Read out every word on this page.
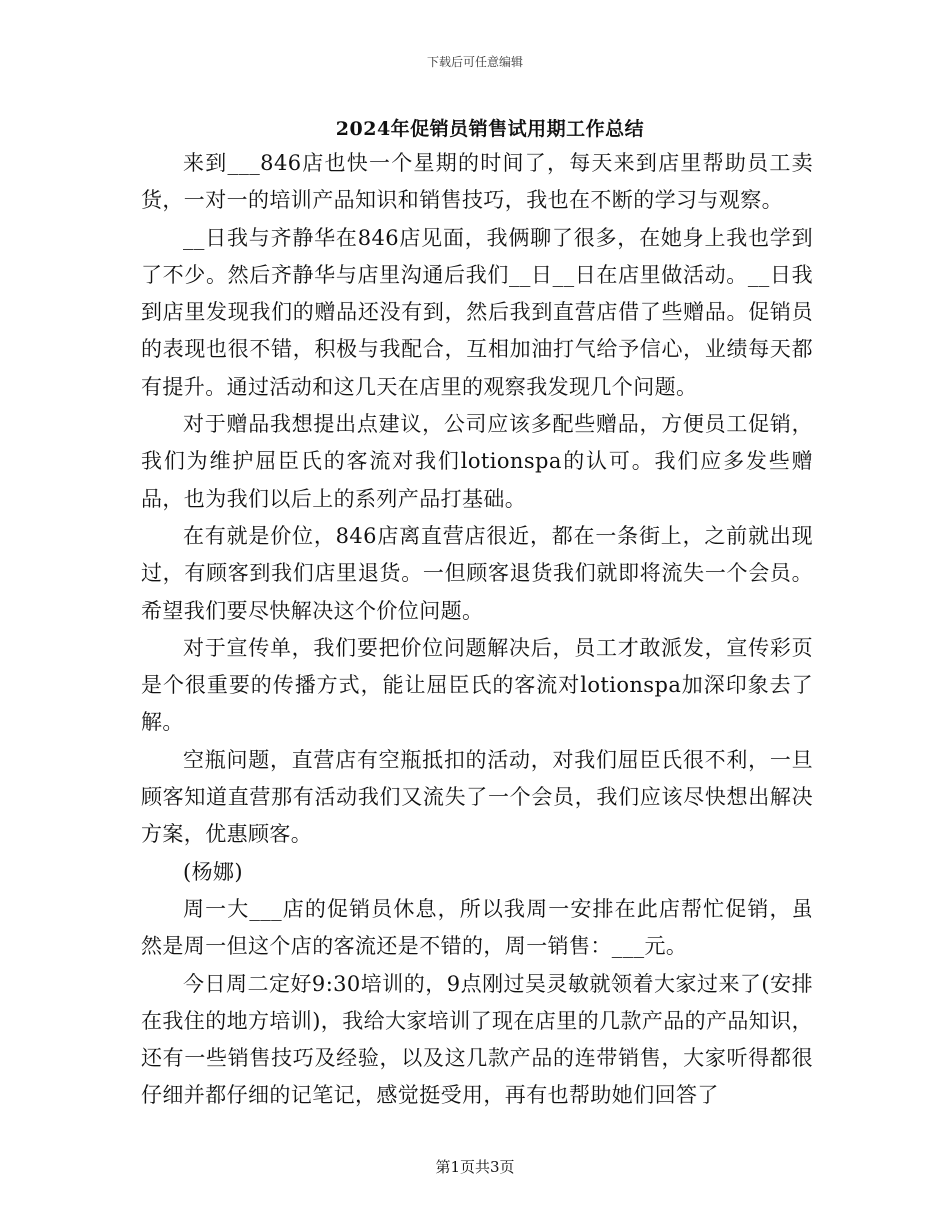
下载后可任意编辑
2024年促销员销售试用期工作总结

来到___846店也快一个星期的时间了，每天来到店里帮助员工卖货，一对一的培训产品知识和销售技巧，我也在不断的学习与观察。

__日我与齐静华在846店见面，我俩聊了很多，在她身上我也学到了不少。然后齐静华与店里沟通后我们__日__日在店里做活动。__日我到店里发现我们的赠品还没有到，然后我到直营店借了些赠品。促销员的表现也很不错，积极与我配合，互相加油打气给予信心，业绩每天都有提升。通过活动和这几天在店里的观察我发现几个问题。

对于赠品我想提出点建议，公司应该多配些赠品，方便员工促销，我们为维护屈臣氏的客流对我们lotionspa的认可。我们应多发些赠品，也为我们以后上的系列产品打基础。

在有就是价位，846店离直营店很近，都在一条街上，之前就出现过，有顾客到我们店里退货。一但顾客退货我们就即将流失一个会员。希望我们要尽快解决这个价位问题。

对于宣传单，我们要把价位问题解决后，员工才敢派发，宣传彩页是个很重要的传播方式，能让屈臣氏的客流对lotionspa加深印象去了解。

空瓶问题，直营店有空瓶抵扣的活动，对我们屈臣氏很不利，一旦顾客知道直营那有活动我们又流失了一个会员，我们应该尽快想出解决方案，优惠顾客。

(杨娜)

周一大___店的促销员休息，所以我周一安排在此店帮忙促销，虽然是周一但这个店的客流还是不错的，周一销售：___元。

今日周二定好9:30培训的，9点刚过吴灵敏就领着大家过来了(安排在我住的地方培训)，我给大家培训了现在店里的几款产品的产品知识，还有一些销售技巧及经验，以及这几款产品的连带销售，大家听得都很仔细并都仔细的记笔记，感觉挺受用，再有也帮助她们回答了

第1页共3页
